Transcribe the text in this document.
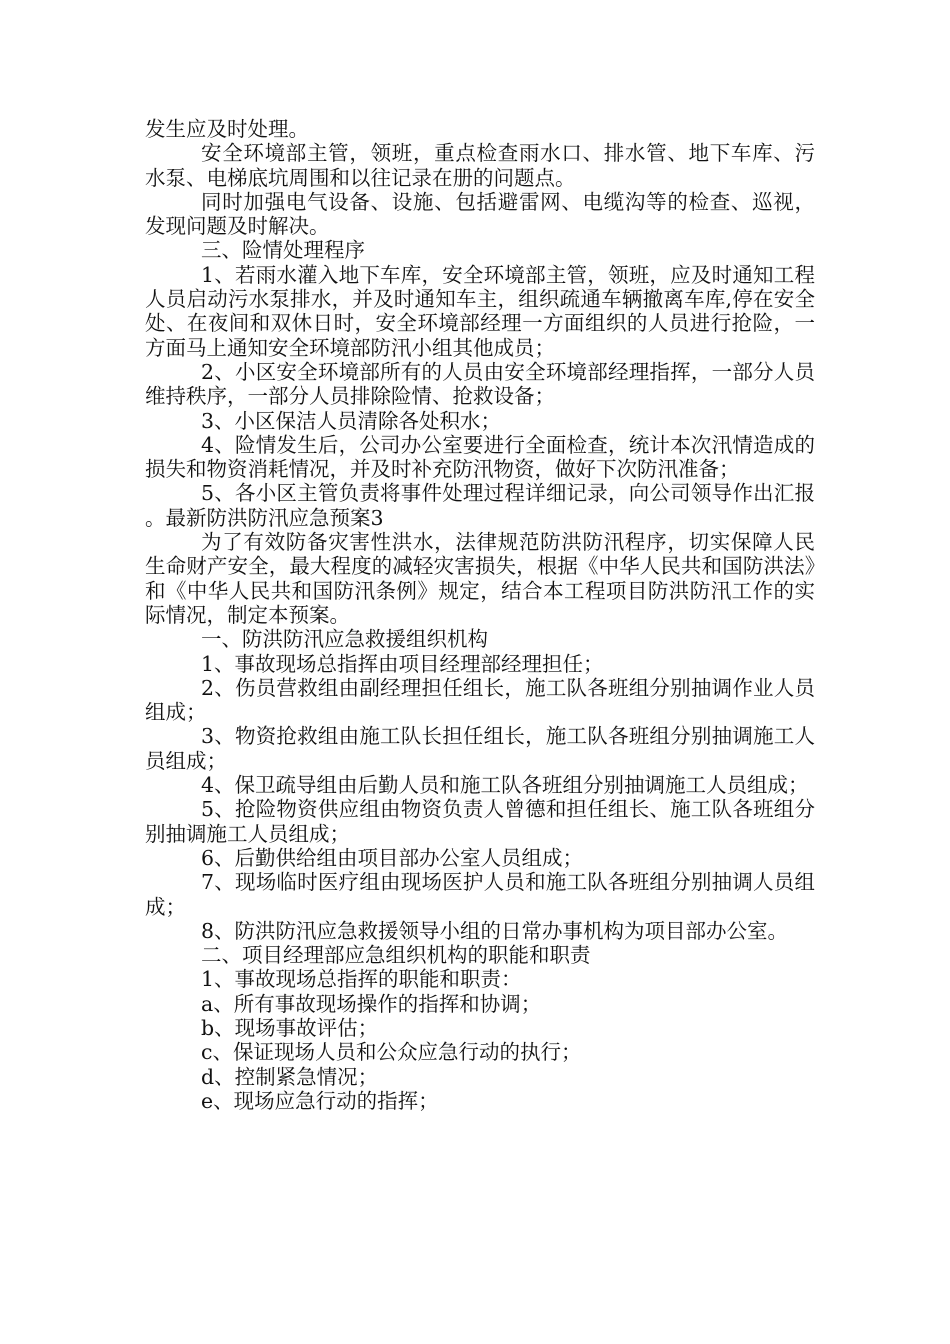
发生应及时处理。

安全环境部主管，领班，重点检查雨水口、排水管、地下车库、污水泵、电梯底坑周围和以往记录在册的问题点。

同时加强电气设备、设施、包括避雷网、电缆沟等的检查、巡视，发现问题及时解决。

三、险情处理程序

1、若雨水灌入地下车库，安全环境部主管，领班，应及时通知工程人员启动污水泵排水，并及时通知车主，组织疏通车辆撤离车库,停在安全处、在夜间和双休日时，安全环境部经理一方面组织的人员进行抢险，一方面马上通知安全环境部防汛小组其他成员；

2、小区安全环境部所有的人员由安全环境部经理指挥，一部分人员维持秩序，一部分人员排除险情、抢救设备；

3、小区保洁人员清除各处积水；

4、险情发生后，公司办公室要进行全面检查，统计本次汛情造成的损失和物资消耗情况，并及时补充防汛物资，做好下次防汛准备；

5、各小区主管负责将事件处理过程详细记录，向公司领导作出汇报。最新防洪防汛应急预案3

为了有效防备灾害性洪水，法律规范防洪防汛程序，切实保障人民生命财产安全，最大程度的减轻灾害损失，根据《中华人民共和国防洪法》和《中华人民共和国防汛条例》规定，结合本工程项目防洪防汛工作的实际情况，制定本预案。

一、防洪防汛应急救援组织机构

1、事故现场总指挥由项目经理部经理担任；

2、伤员营救组由副经理担任组长，施工队各班组分别抽调作业人员组成；

3、物资抢救组由施工队长担任组长，施工队各班组分别抽调施工人员组成；

4、保卫疏导组由后勤人员和施工队各班组分别抽调施工人员组成；

5、抢险物资供应组由物资负责人曾德和担任组长、施工队各班组分别抽调施工人员组成；

6、后勤供给组由项目部办公室人员组成；

7、现场临时医疗组由现场医护人员和施工队各班组分别抽调人员组成；

8、防洪防汛应急救援领导小组的日常办事机构为项目部办公室。

二、项目经理部应急组织机构的职能和职责

1、事故现场总指挥的职能和职责：

a、所有事故现场操作的指挥和协调；

b、现场事故评估；

c、保证现场人员和公众应急行动的执行；

d、控制紧急情况；

e、现场应急行动的指挥；
